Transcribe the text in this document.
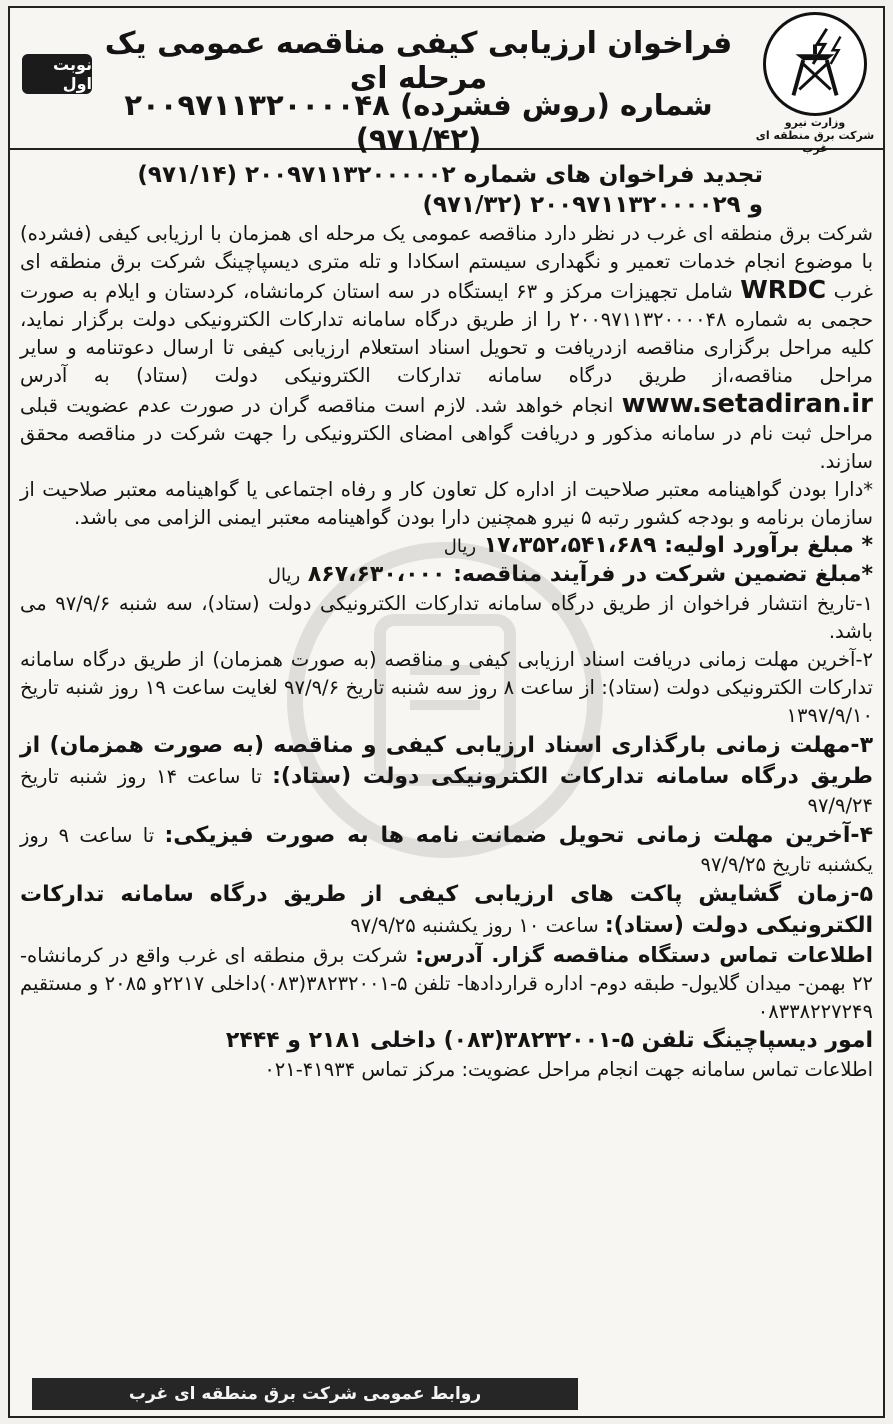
وزارت نیرو
شرکت برق منطقه ای غرب
فراخوان ارزیابی کیفی مناقصه عمومی یک مرحله ای
شماره (روش فشرده) ۲۰۰۹۷۱۱۳۲۰۰۰۰۴۸ (۹۷۱/۴۲)
نوبت اول

تجدید فراخوان های شماره ۲۰۰۹۷۱۱۳۲۰۰۰۰۰۲ (۹۷۱/۱۴)

و ۲۰۰۹۷۱۱۳۲۰۰۰۰۲۹ (۹۷۱/۳۲)

شرکت برق منطقه ای غرب در نظر دارد مناقصه عمومی یک مرحله ای همزمان با ارزیابی کیفی (فشرده) با موضوع انجام خدمات تعمیر و نگهداری سیستم اسکادا و تله متری دیسپاچینگ شرکت برق منطقه ای غرب WRDC شامل تجهیزات مرکز و ۶۳ ایستگاه در سه استان کرمانشاه، کردستان و ایلام به صورت حجمی به شماره ۲۰۰۹۷۱۱۳۲۰۰۰۰۴۸ را از طریق درگاه سامانه تدارکات الکترونیکی دولت برگزار نماید، کلیه مراحل برگزاری مناقصه ازدریافت و تحویل اسناد استعلام ارزیابی کیفی تا ارسال دعوتنامه و سایر مراحل مناقصه،از طریق درگاه سامانه تدارکات الکترونیکی دولت (ستاد) به آدرس www.setadiran.ir انجام خواهد شد. لازم است مناقصه گران در صورت عدم عضویت قبلی مراحل ثبت نام در سامانه مذکور و دریافت گواهی امضای الکترونیکی را جهت شرکت در مناقصه محقق سازند.

*دارا بودن گواهینامه معتبر صلاحیت از اداره کل تعاون کار و رفاه اجتماعی یا گواهینامه معتبر صلاحیت از سازمان برنامه و بودجه کشور رتبه ۵ نیرو همچنین دارا بودن گواهینامه معتبر ایمنی الزامی می باشد.

* مبلغ برآورد اولیه: ۱۷،۳۵۲،۵۴۱،۶۸۹ ریال

*مبلغ تضمین شرکت در فرآیند مناقصه: ۸۶۷،۶۳۰،۰۰۰ ریال

۱-تاریخ انتشار فراخوان از طریق درگاه سامانه تدارکات الکترونیکی دولت (ستاد)، سه شنبه ۹۷/۹/۶ می باشد.

۲-آخرین مهلت زمانی دریافت اسناد ارزیابی کیفی و مناقصه (به صورت همزمان) از طریق درگاه سامانه تدارکات الکترونیکی دولت (ستاد): از ساعت ۸ روز سه شنبه تاریخ ۹۷/۹/۶ لغایت ساعت ۱۹ روز شنبه تاریخ ۱۳۹۷/۹/۱۰

۳-مهلت زمانی بارگذاری اسناد ارزیابی کیفی و مناقصه (به صورت همزمان) از طریق درگاه سامانه تدارکات الکترونیکی دولت (ستاد): تا ساعت ۱۴ روز شنبه تاریخ ۹۷/۹/۲۴

۴-آخرین مهلت زمانی تحویل ضمانت نامه ها به صورت فیزیکی: تا ساعت ۹ روز یکشنبه تاریخ ۹۷/۹/۲۵

۵-زمان گشایش پاکت های ارزیابی کیفی از طریق درگاه سامانه تدارکات الکترونیکی دولت (ستاد): ساعت ۱۰ روز یکشنبه ۹۷/۹/۲۵

اطلاعات تماس دستگاه مناقصه گزار. آدرس: شرکت برق منطقه ای غرب واقع در کرمانشاه- ۲۲ بهمن- میدان گلایول- طبقه دوم- اداره قراردادها- تلفن ۵-۳۸۲۳۲۰۰۱(۰۸۳)داخلی ۲۲۱۷و ۲۰۸۵ و مستقیم ۰۸۳۳۸۲۲۷۲۴۹

امور دیسپاچینگ تلفن ۵-۳۸۲۳۲۰۰۱(۰۸۳) داخلی ۲۱۸۱ و ۲۴۴۴

اطلاعات تماس سامانه جهت انجام مراحل عضویت: مرکز تماس ۴۱۹۳۴-۰۲۱

روابط عمومی شرکت برق منطقه ای غرب
